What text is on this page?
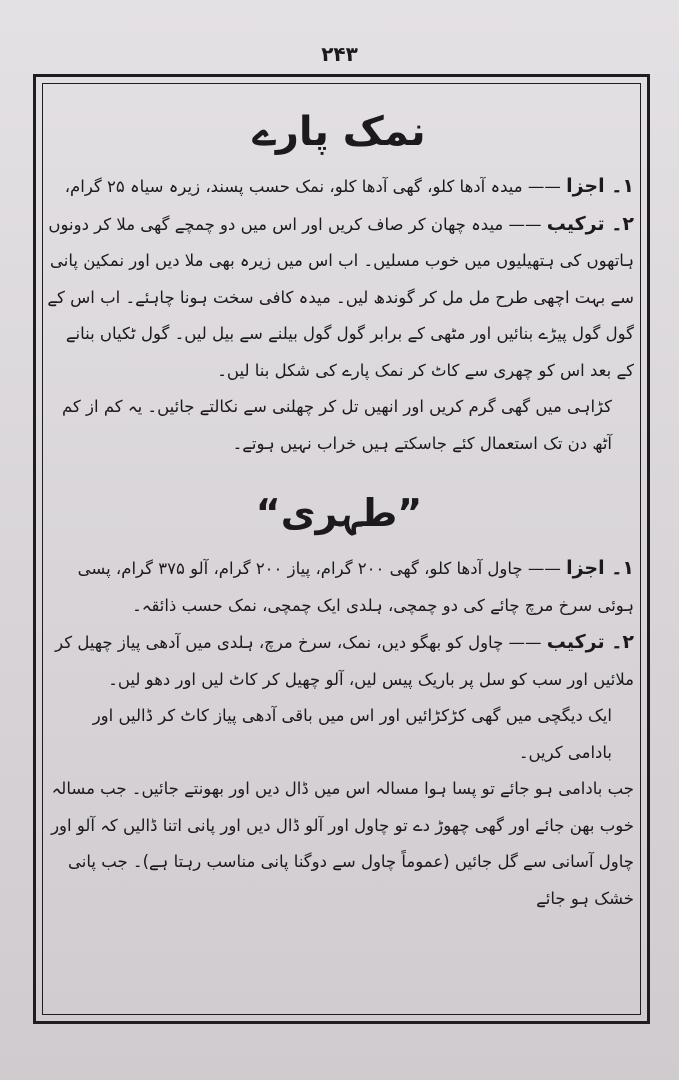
۲۴۳
نمک پارے

۱۔ اجزا —— میدہ آدھا کلو، گھی آدھا کلو، نمک حسب پسند، زیرہ سیاہ ۲۵ گرام،

۲۔ ترکیب —— میدہ چھان کر صاف کریں اور اس میں دو چمچے گھی ملا کر دونوں ہاتھوں کی ہتھیلیوں میں خوب مسلیں۔ اب اس میں زیرہ بھی ملا دیں اور نمکین پانی سے بہت اچھی طرح مل مل کر گوندھ لیں۔ میدہ کافی سخت ہونا چاہئے۔ اب اس کے گول گول پیڑے بنائیں اور مٹھی کے برابر گول گول بیلنے سے بیل لیں۔ گول ٹکیاں بنانے کے بعد اس کو چھری سے کاٹ کر نمک پارے کی شکل بنا لیں۔

کڑاہی میں گھی گرم کریں اور انھیں تل کر چھلنی سے نکالتے جائیں۔ یہ کم از کم آٹھ دن تک استعمال کئے جاسکتے ہیں خراب نہیں ہوتے۔

”طہری“

۱۔ اجزا —— چاول آدھا کلو، گھی ۲۰۰ گرام، پیاز ۲۰۰ گرام، آلو ۳۷۵ گرام، پسی ہوئی سرخ مرچ چائے کی دو چمچی، ہلدی ایک چمچی، نمک حسب ذائقہ۔

۲۔ ترکیب —— چاول کو بھگو دیں، نمک، سرخ مرچ، ہلدی میں آدھی پیاز چھیل کر ملائیں اور سب کو سل پر باریک پیس لیں، آلو چھیل کر کاٹ لیں اور دھو لیں۔

ایک دیگچی میں گھی کڑکڑائیں اور اس میں باقی آدھی پیاز کاٹ کر ڈالیں اور بادامی کریں۔

جب بادامی ہو جائے تو پسا ہوا مسالہ اس میں ڈال دیں اور بھونتے جائیں۔ جب مسالہ خوب بھن جائے اور گھی چھوڑ دے تو چاول اور آلو ڈال دیں اور پانی اتنا ڈالیں کہ آلو اور چاول آسانی سے گل جائیں (عموماً چاول سے دوگنا پانی مناسب رہتا ہے)۔ جب پانی خشک ہو جائے
